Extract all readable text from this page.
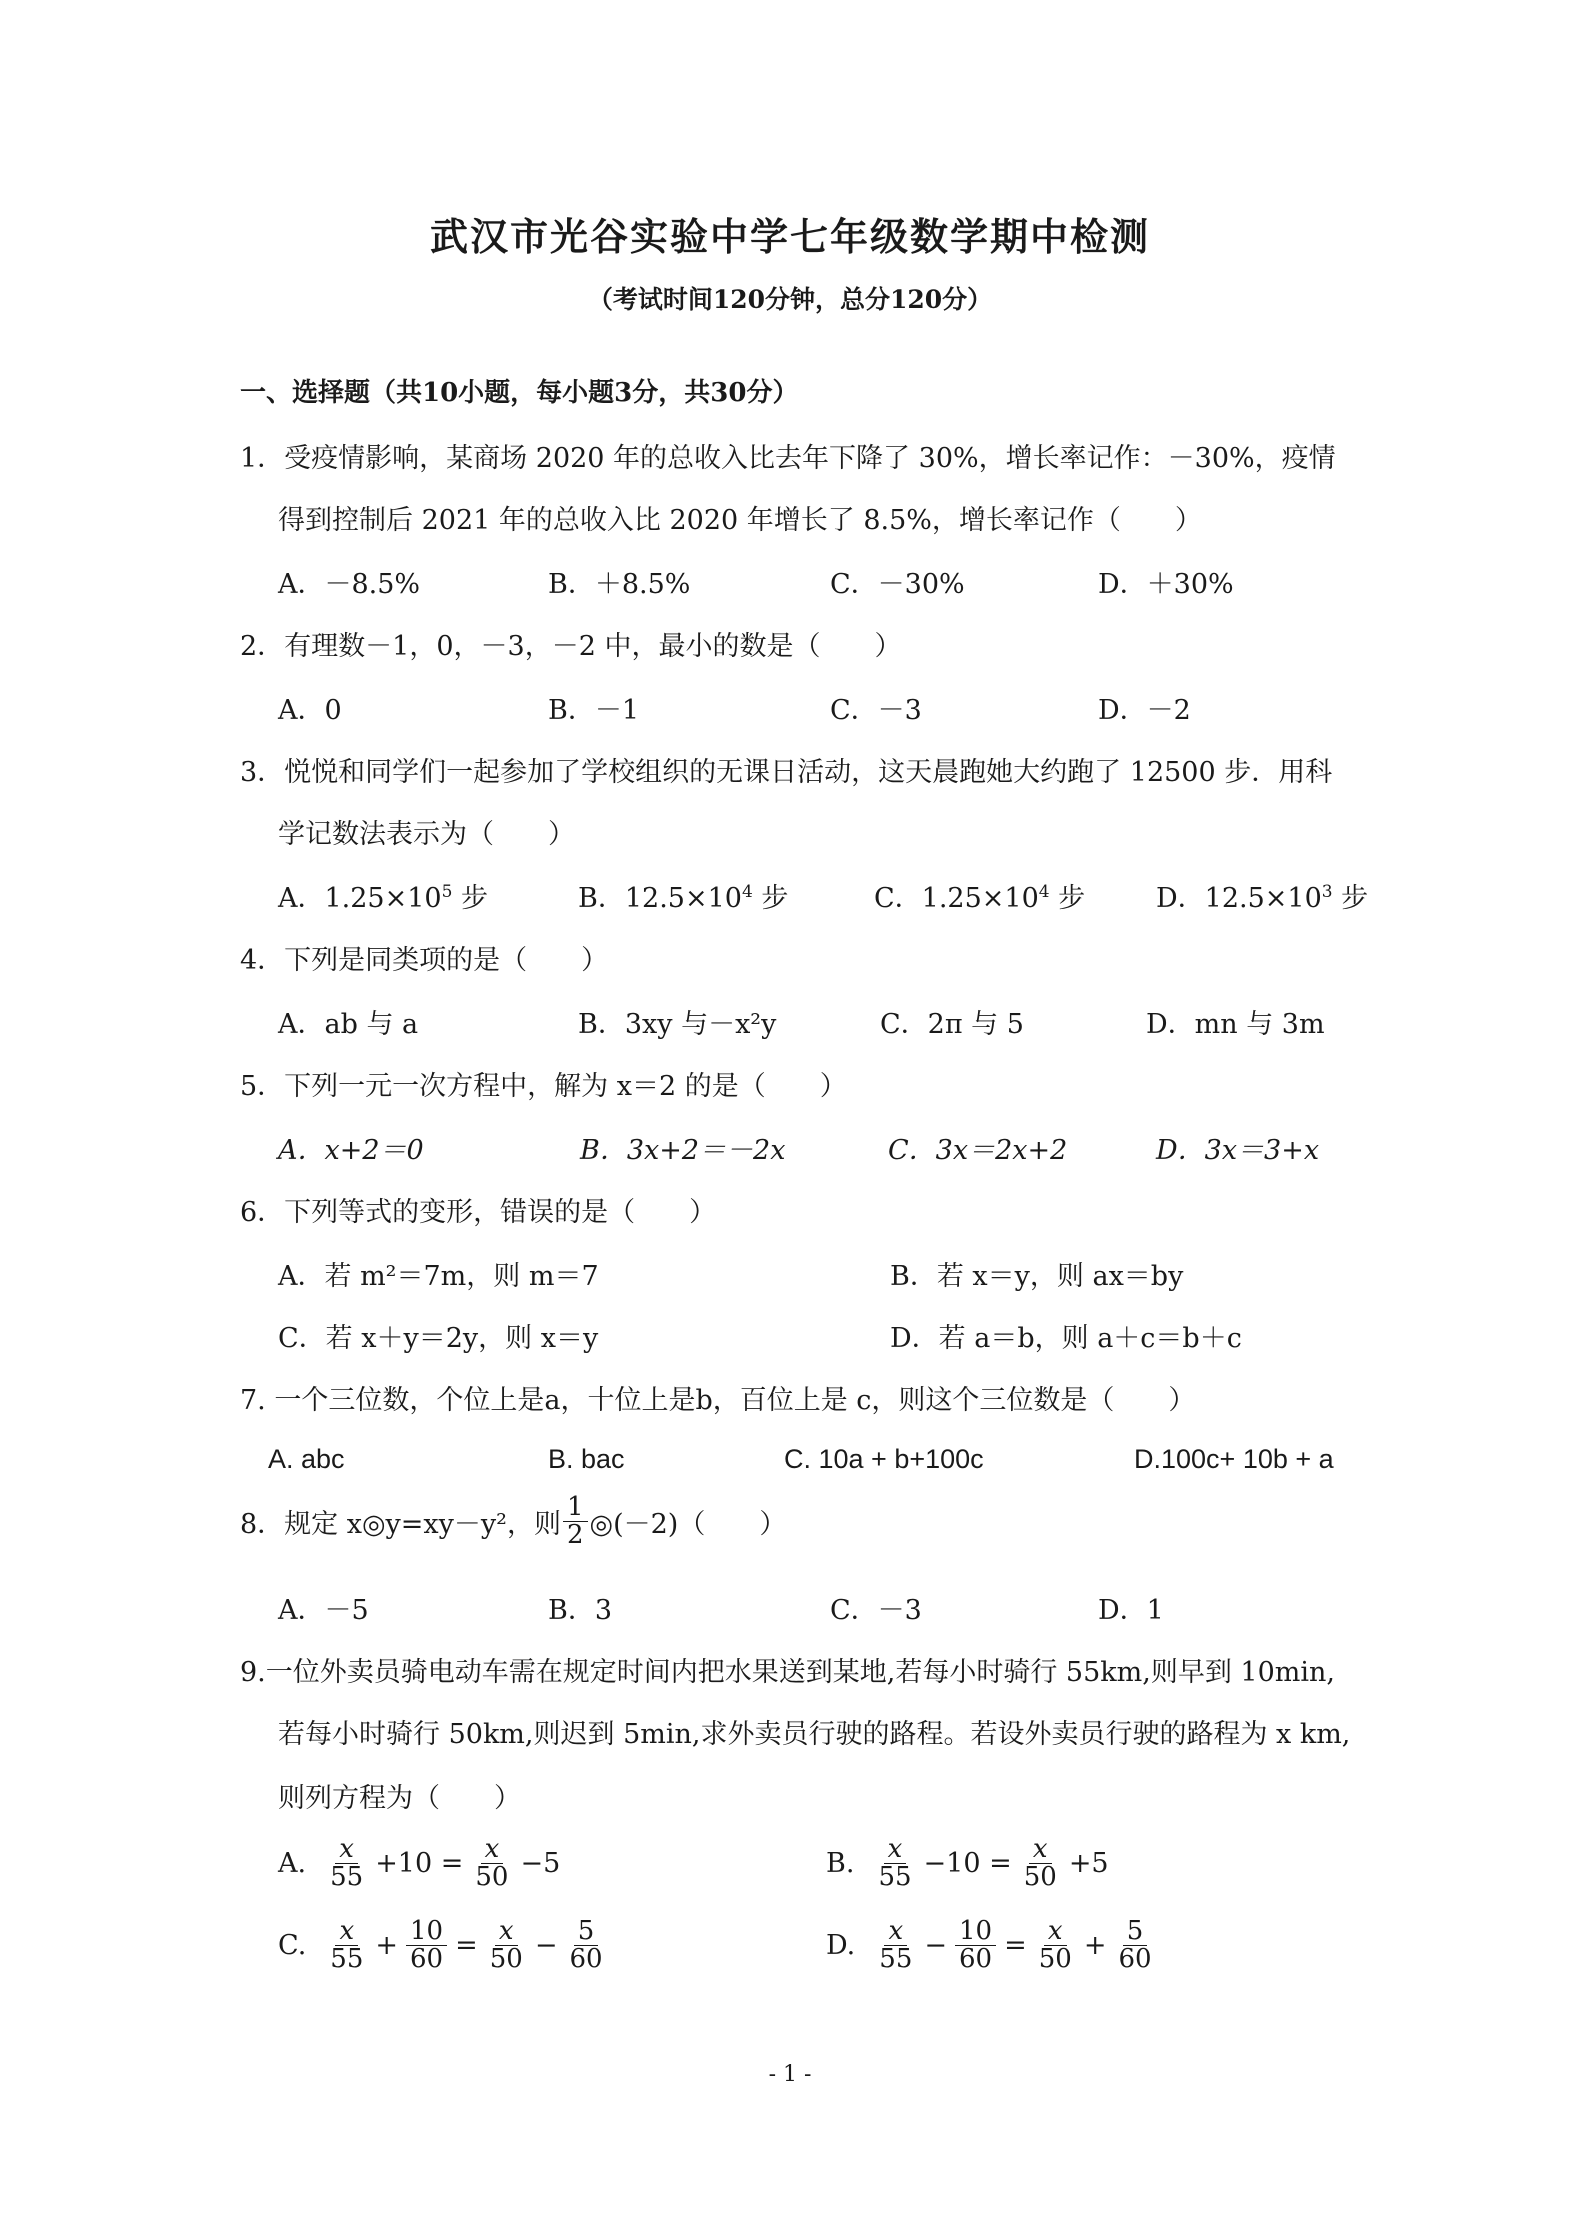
武汉市光谷实验中学七年级数学期中检测
（考试时间120分钟，总分120分）
一、选择题（共10小题，每小题3分，共30分）
1．受疫情影响，某商场 2020 年的总收入比去年下降了 30%，增长率记作：－30%，疫情
得到控制后 2021 年的总收入比 2020 年增长了 8.5%，增长率记作（　　）
A．－8.5%	B．＋8.5%	C．－30%	D．＋30%
2．有理数－1，0，－3，－2 中，最小的数是（　　）
A．0	B．－1	C．－3	D．－2
3．悦悦和同学们一起参加了学校组织的无课日活动，这天晨跑她大约跑了 12500 步．用科
学记数法表示为（　　）
A．$1.25\times 10^5$ 步	B．$12.5\times 10^4$ 步	C．$1.25\times 10^4$ 步	D．$12.5\times 10^3$ 步
4．下列是同类项的是（　　）
A．ab 与 a	B．3xy 与－x²y	C．2π 与 5	D．mn 与 3m
5．下列一元一次方程中，解为 x＝2 的是（　　）
A．x+2＝0	B．3x+2＝－2x	C．3x＝2x+2	D．3x＝3+x
6．下列等式的变形，错误的是（　　）
A．若 m²＝7m，则 m＝7	B．若 x＝y，则 ax＝by
C．若 x＋y＝2y，则 x＝y	D．若 a＝b，则 a＋c＝b＋c
7. 一个三位数，个位上是a，十位上是b，百位上是 c，则这个三位数是（　　）
A. abc	B. bac	C. 10a + b+100c	D.100c+ 10b + a
8．规定 x◎y=xy－y²，则 $\frac{1}{2}$ ◎(－2)（　　）
A．－5	B．3	C．－3	D．1
9.一位外卖员骑电动车需在规定时间内把水果送到某地,若每小时骑行 55km,则早到 10min,
若每小时骑行 50km,则迟到 5min,求外卖员行驶的路程。若设外卖员行驶的路程为 x km,
则列方程为（　　）
A. $\frac{x}{55} +10 = \frac{x}{50} -5$	B. $\frac{x}{55} -10 = \frac{x}{50} +5$
C. $\frac{x}{55} + \frac{10}{60} = \frac{x}{50} - \frac{5}{60}$	D. $\frac{x}{55} - \frac{10}{60} = \frac{x}{50} + \frac{5}{60}$
- 1 -
